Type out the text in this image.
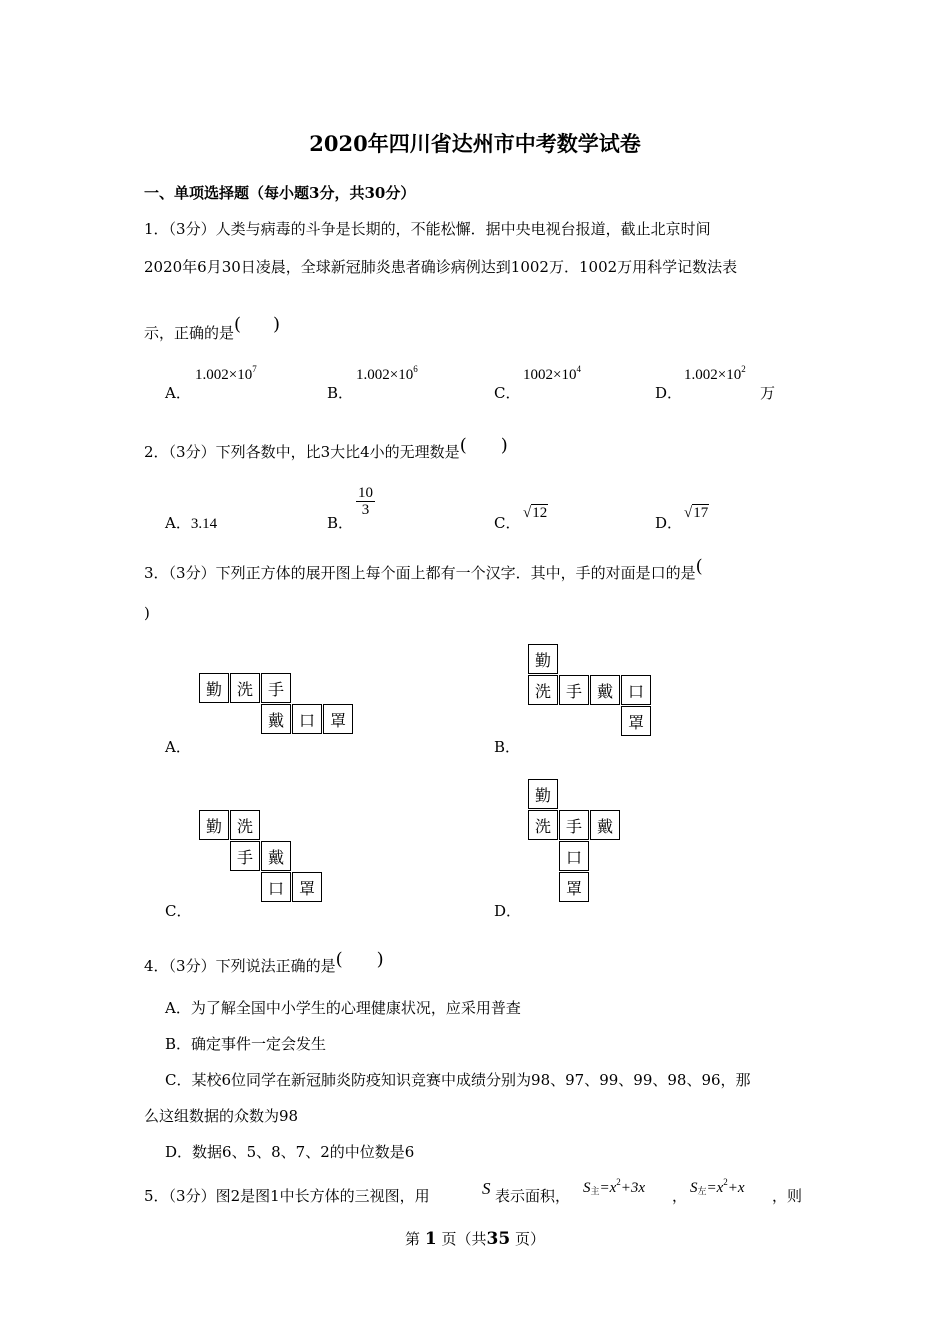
2020年四川省达州市中考数学试卷
一、单项选择题（每小题3分，共30分）
1．（3分）人类与病毒的斗争是长期的，不能松懈．据中央电视台报道，截止北京时间
2020年6月30日凌晨，全球新冠肺炎患者确诊病例达到1002万．1002万用科学记数法表
示，正确的是( )
A．
$1.002\times 10^7$
B．
$1.002\times 10^6$
C．
$1002\times 10^4$
D．
$1.002\times 10^2$
万
2．（3分）下列各数中，比3大比4小的无理数是( )
A．3.14	B．
$\frac{10}{3}$
C．
√12
D．
√17
3．（3分）下列正方体的展开图上每个面上都有一个汉字．其中，手的对面是口的是(
)
勤 洗 手
戴 口 罩
A．
勤
洗 手 戴 口
罩
B．
勤 洗
手 戴
口 罩
C．
勤
洗 手 戴
口
罩
D．
4．（3分）下列说法正确的是( )
A．为了解全国中小学生的心理健康状况，应采用普查
B．确定事件一定会发生
C．某校6位同学在新冠肺炎防疫知识竞赛中成绩分别为98、97、99、99、98、96，那
么这组数据的众数为98
D．数据6、5、8、7、2的中位数是6
5．（3分）图2是图1中长方体的三视图，用	S 表示面积， $S_主=x^2+3x$ ， $S_左=x^2+x$ ，则
第 1 页（共35 页）
